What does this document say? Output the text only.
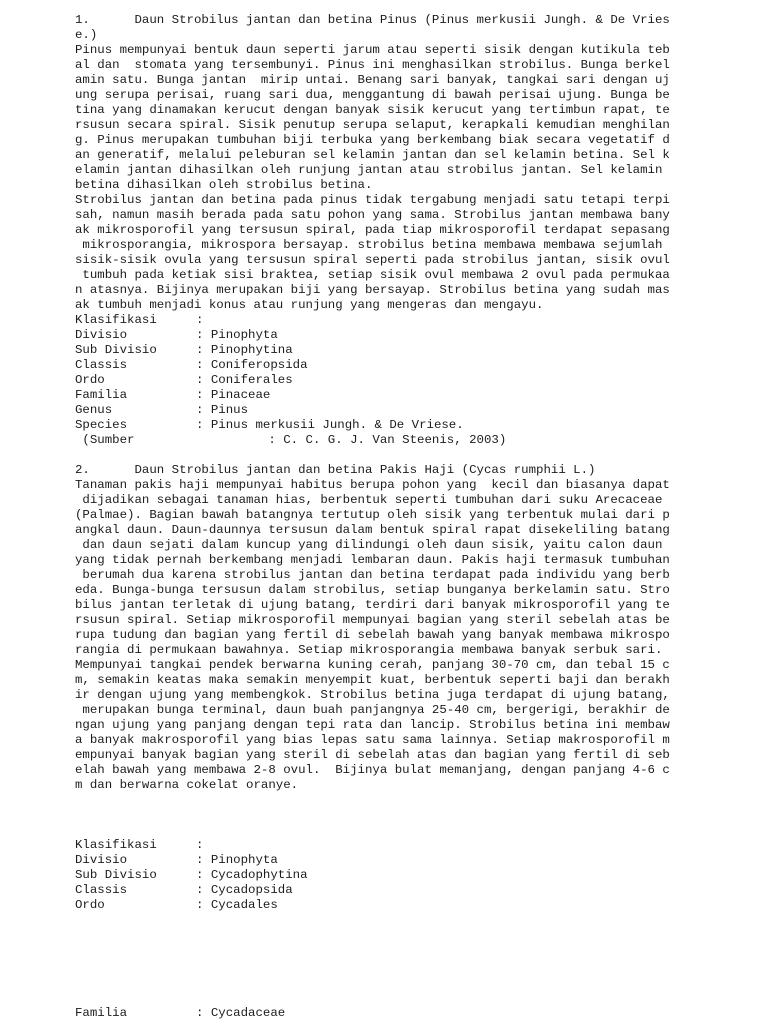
1.      Daun Strobilus jantan dan betina Pinus (Pinus merkusii Jungh. & De Vries
e.)
Pinus mempunyai bentuk daun seperti jarum atau seperti sisik dengan kutikula teb
al dan  stomata yang tersembunyi. Pinus ini menghasilkan strobilus. Bunga berkel
amin satu. Bunga jantan  mirip untai. Benang sari banyak, tangkai sari dengan uj
ung serupa perisai, ruang sari dua, menggantung di bawah perisai ujung. Bunga be
tina yang dinamakan kerucut dengan banyak sisik kerucut yang tertimbun rapat, te
rsusun secara spiral. Sisik penutup serupa selaput, kerapkali kemudian menghilan
g. Pinus merupakan tumbuhan biji terbuka yang berkembang biak secara vegetatif d
an generatif, melalui peleburan sel kelamin jantan dan sel kelamin betina. Sel k
elamin jantan dihasilkan oleh runjung jantan atau strobilus jantan. Sel kelamin
betina dihasilkan oleh strobilus betina.
Strobilus jantan dan betina pada pinus tidak tergabung menjadi satu tetapi terpi
sah, namun masih berada pada satu pohon yang sama. Strobilus jantan membawa bany
ak mikrosporofil yang tersusun spiral, pada tiap mikrosporofil terdapat sepasang
mikrosporangia, mikrospora bersayap. strobilus betina membawa membawa sejumlah
sisik-sisik ovula yang tersusun spiral seperti pada strobilus jantan, sisik ovul
tumbuh pada ketiak sisi brakteа, setiap sisik ovul membawa 2 ovul pada permukaa
n atasnya. Bijinya merupakan biji yang bersayap. Strobilus betina yang sudah mas
ak tumbuh menjadi konus atau runjung yang mengeras dan mengayu.
Klasifikasi	:
Divisio	: Pinophyta
Sub Divisio	: Pinophytina
Classis	: Coniferopsida
Ordo	: Coniferales
Familia	: Pinaceae
Genus	: Pinus
Species	: Pinus merkusii Jungh. & De Vriese.
(Sumber                  : C. C. G. J. Van Steenis, 2003)
2.      Daun Strobilus jantan dan betina Pakis Haji (Cycas rumphii L.)
Tanaman pakis haji mempunyai habitus berupa pohon yang  kecil dan biasanya dapat
dijadikan sebagai tanaman hias, berbentuk seperti tumbuhan dari suku Arecaceae
(Palmae). Bagian bawah batangnya tertutup oleh sisik yang terbentuk mulai dari p
angkal daun. Daun-daunnya tersusun dalam bentuk spiral rapat disekeliling batang
dan daun sejati dalam kuncup yang dilindungi oleh daun sisik, yaitu calon daun
yang tidak pernah berkembang menjadi lembaran daun. Pakis haji termasuk tumbuhan
berumah dua karena strobilus jantan dan betina terdapat pada individu yang berb
eda. Bunga-bunga tersusun dalam strobilus, setiap bunganya berkelamin satu. Stro
bilus jantan terletak di ujung batang, terdiri dari banyak mikrosporofil yang te
rsusun spiral. Setiap mikrosporofil mempunyai bagian yang steril sebelah atas be
rupa tudung dan bagian yang fertil di sebelah bawah yang banyak membawa mikrospo
rangia di permukaan bawahnya. Setiap mikrosporangia membawa banyak serbuk sari.
Mempunyai tangkai pendek berwarna kuning cerah, panjang 30-70 cm, dan tebal 15 c
m, semakin keatas maka semakin menyempit kuat, berbentuk seperti baji dan berakh
ir dengan ujung yang membengkok. Strobilus betina juga terdapat di ujung batang,
merupakan bunga terminal, daun buah panjangnya 25-40 cm, bergerigi, berakhir de
ngan ujung yang panjang dengan tepi rata dan lancip. Strobilus betina ini membaw
a banyak makrosporofil yang bias lepas satu sama lainnya. Setiap makrosporofil m
empunyai banyak bagian yang steril di sebelah atas dan bagian yang fertil di seb
elah bawah yang membawa 2-8 ovul.  Bijinya bulat memanjang, dengan panjang 4-6 c
m dan berwarna cokelat oranye.
Klasifikasi	:
Divisio	: Pinophyta
Sub Divisio	: Cycadophytina
Classis	: Cycadopsida
Ordo	: Cycadales
Familia	: Cycadaceae
